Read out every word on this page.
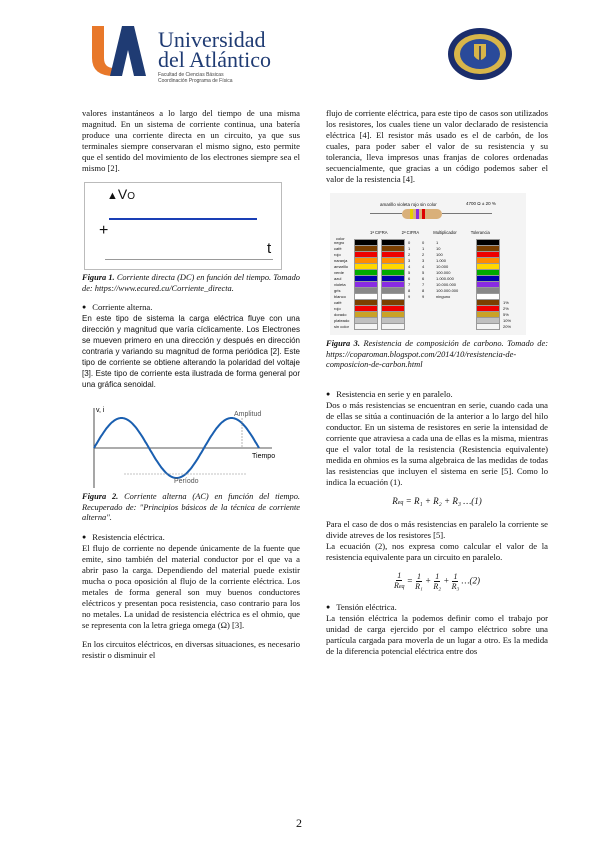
UA
Universidad
del Atlántico
Facultad de Ciencias Básicas
Coordinación Programa de Física

valores instantáneos a lo largo del tiempo de una misma magnitud. En un sistema de corriente continua, una batería produce una corriente directa en un circuito, ya que sus terminales siempre conservaran el mismo signo, esto permite que el sentido del movimiento de los electrones siempre sea el mismo [2].

▲VO
+
t

Figura 1. Corriente directa (DC) en función del tiempo. Tomado de: https://www.ecured.cu/Corriente_directa.

● Corriente alterna.

En este tipo de sistema la carga eléctrica fluye con una dirección y magnitud que varía cíclicamente. Los Electrones se mueven primero en una dirección y después en dirección contraria y variando su magnitud de forma periódica [2]. Este tipo de corriente se obtiene alterando la polaridad del voltaje [3]. Este tipo de corriente esta ilustrada de forma general por una gráfica senoidal.

v, i
Amplitud
Tiempo
Período

Figura 2. Corriente alterna (AC) en función del tiempo. Recuperado de: "Principios básicos de la técnica de corriente alterna".

● Resistencia eléctrica.

El flujo de corriente no depende únicamente de la fuente que emite, sino también del material conductor por el que va a abrir paso la carga. Dependiendo del material puede existir mucha o poca oposición al flujo de la corriente eléctrica. Los metales de forma general son muy buenos conductores eléctricos y presentan poca resistencia, caso contrario para los no metales. La unidad de resistencia eléctrica es el ohmio, que se representa con la letra griega omega (Ω) [3].

En los circuitos eléctricos, en diversas situaciones, es necesario resistir o disminuir el

flujo de corriente eléctrica, para este tipo de casos son utilizados los resistores, los cuales tiene un valor declarado de resistencia eléctrica [4]. El resistor más usado es el de carbón, de los cuales, para poder saber el valor de su resistencia y su tolerancia, lleva impresos unas franjas de colores ordenadas secuencialmente, que gracias a un código podemos saber el valor de la resistencia [4].

amarillo violeta rojo sin color	4700 Ω ± 20 %
1ª CIFRA	2ª CIFRA	Multiplicador	Tolerancia
color
negro	0	0	1
café	1	1	10
rojo	2	2	100
naranja	3	3	1.000
amarillo	4	4	10.000
verde	5	5	100.000
azul	6	6	1.000.000
violeta	7	7	10.000.000
gris	8	8	100.000.000
blanco	9	9	ninguno
café	1%
rojo	2%
dorado	5%
plateado	10%
sin color	20%

Figura 3. Resistencia de composición de carbono. Tomado de: https://coparoman.blogspot.com/2014/10/resistencia-de-composicion-de-carbon.html

● Resistencia en serie y en paralelo.

Dos o más resistencias se encuentran en serie, cuando cada una de ellas se sitúa a continuación de la anterior a lo largo del hilo conductor. En un sistema de resistores en serie la intensidad de corriente que atraviesa a cada una de ellas es la misma, mientras que el valor total de la resistencia (Resistencia equivalente) medida en ohmios es la suma algebraica de las medidas de todas las resistencias que incluyen el sistema en serie [5]. Como lo indica la ecuación (1).

Req = R₁ + R₂ + R₃ …(1)

Para el caso de dos o más resistencias en paralelo la corriente se divide atreves de los resistores [5].

La ecuación (2), nos expresa como calcular el valor de la resistencia equivalente para un circuito en paralelo.

$\frac{1}{\text{Req}} = \frac{1}{\text{R₁}} + \frac{1}{\text{R₂}} + \frac{1}{\text{R₃}}$ …(2)
● Tensión eléctrica.

La tensión eléctrica la podemos definir como el trabajo por unidad de carga ejercido por el campo eléctrico sobre una partícula cargada para moverla de un lugar a otro. Es la medida de la diferencia potencial eléctrica entre dos

2
